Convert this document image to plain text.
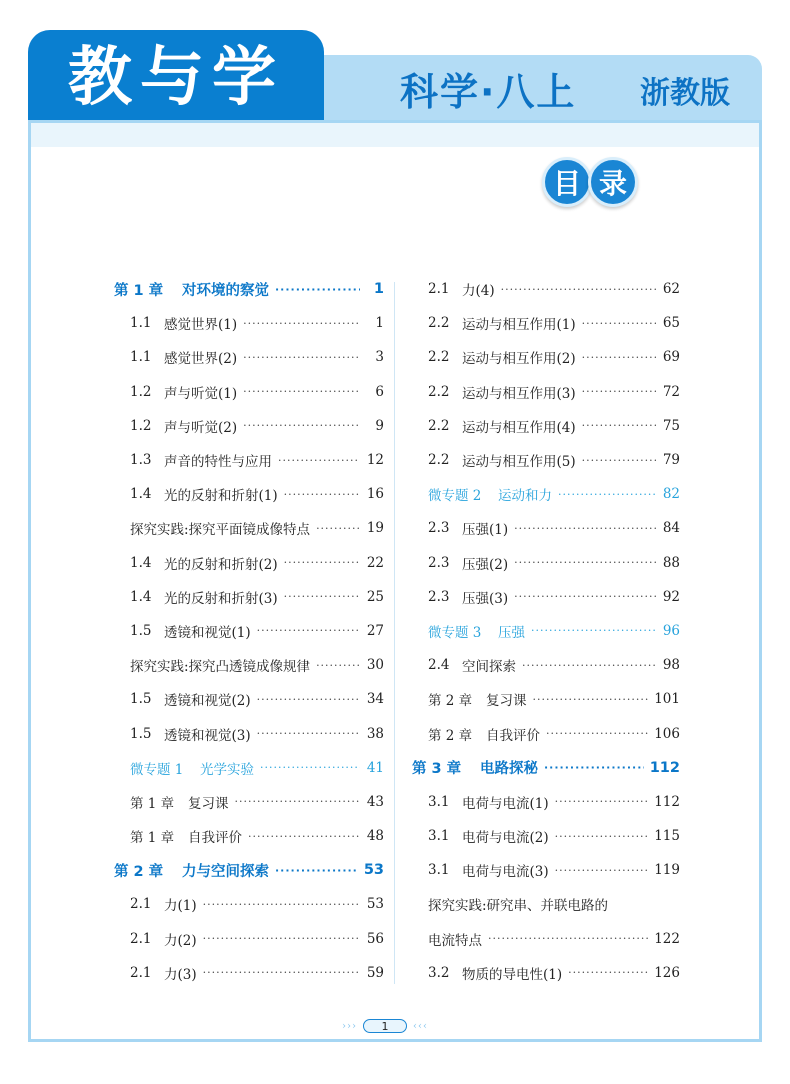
教与学	科学·八上 浙教版
目 录
第 1 章	对环境的察觉 ·····	1
1.1 感觉世界(1) ·····	1
1.1 感觉世界(2) ·····	3
1.2 声与听觉(1) ·····	6
1.2 声与听觉(2) ·····	9
1.3 声音的特性与应用 ·····	12
1.4 光的反射和折射(1) ·····	16
探究实践:探究平面镜成像特点 ·····	19
1.4 光的反射和折射(2) ·····	22
1.4 光的反射和折射(3) ·····	25
1.5 透镜和视觉(1) ·····	27
探究实践:探究凸透镜成像规律 ·····	30
1.5 透镜和视觉(2) ·····	34
1.5 透镜和视觉(3) ·····	38
微专题 1	光学实验 ·····	41
第 1 章	复习课 ·····	43
第 1 章	自我评价 ·····	48
第 2 章	力与空间探索 ·····	53
2.1 力(1) ·····	53
2.1 力(2) ·····	56
2.1 力(3) ·····	59
2.1 力(4) ·····	62
2.2 运动与相互作用(1) ·····	65
2.2 运动与相互作用(2) ·····	69
2.2 运动与相互作用(3) ·····	72
2.2 运动与相互作用(4) ·····	75
2.2 运动与相互作用(5) ·····	79
微专题 2	运动和力 ·····	82
2.3 压强(1) ·····	84
2.3 压强(2) ·····	88
2.3 压强(3) ·····	92
微专题 3	压强 ·····	96
2.4 空间探索 ·····	98
第 2 章	复习课 ·····	101
第 2 章	自我评价 ·····	106
第 3 章	电路探秘 ·····	112
3.1 电荷与电流(1) ·····	112
3.1 电荷与电流(2) ·····	115
3.1 电荷与电流(3) ·····	119
探究实践:研究串、并联电路的
电流特点 ·····	122
3.2 物质的导电性(1) ·····	126
›››	1	‹‹‹
